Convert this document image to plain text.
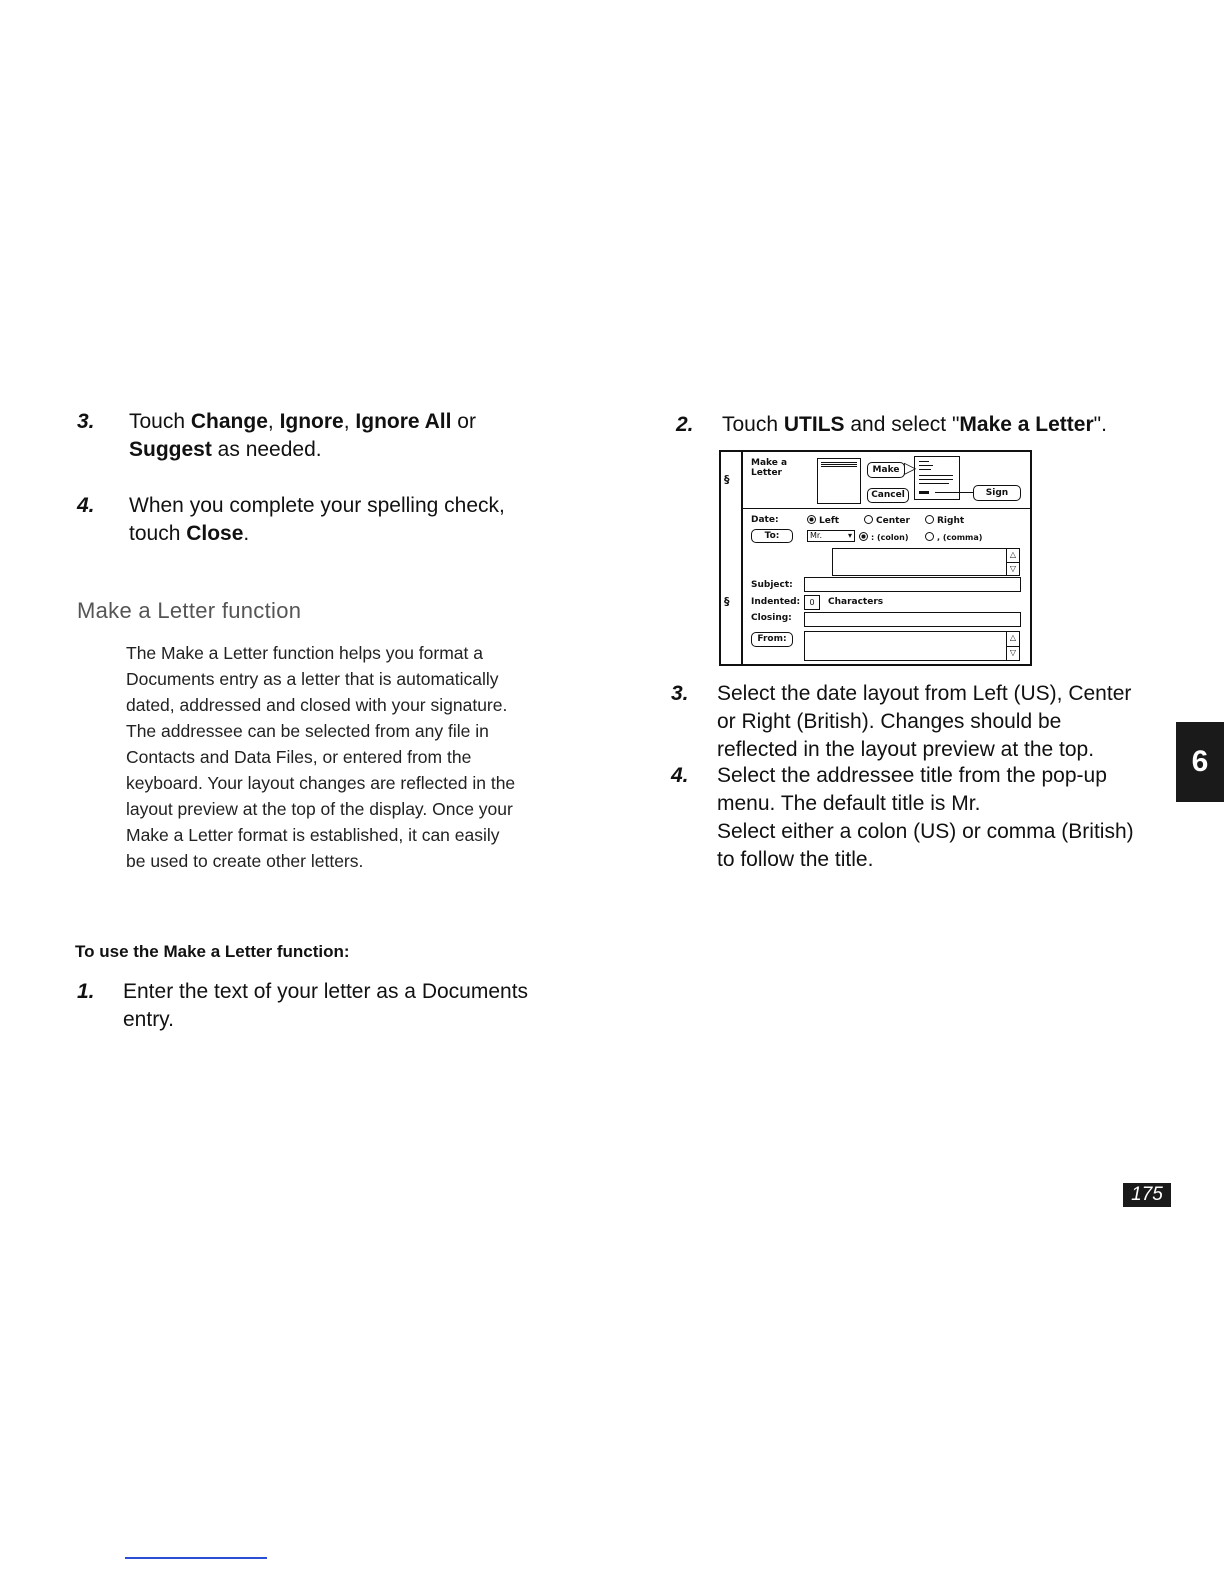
3. Touch Change, Ignore, Ignore All or
Suggest as needed.
4. When you complete your spelling check,
touch Close.
Make a Letter function
The Make a Letter function helps you format a
Documents entry as a letter that is automatically
dated, addressed and closed with your signature.
The addressee can be selected from any file in
Contacts and Data Files, or entered from the
keyboard. Your layout changes are reflected in the
layout preview at the top of the display. Once your
Make a Letter format is established, it can easily
be used to create other letters.
To use the Make a Letter function:
1. Enter the text of your letter as a Documents
entry.
2. Touch UTILS and select "Make a Letter".
§
§
Make a
Letter	Make ▷
Cancel	Sign
Date:	Left	Center	Right
To:	Mr.	▾	: (colon)	, (comma)
△
▽
Subject:
Indented:	0	Characters
Closing:
From:	△
▽
3. Select the date layout from Left (US), Center
or Right (British). Changes should be
reflected in the layout preview at the top.
4. Select the addressee title from the pop-up
menu. The default title is Mr.
Select either a colon (US) or comma (British)
to follow the title.
6
175
